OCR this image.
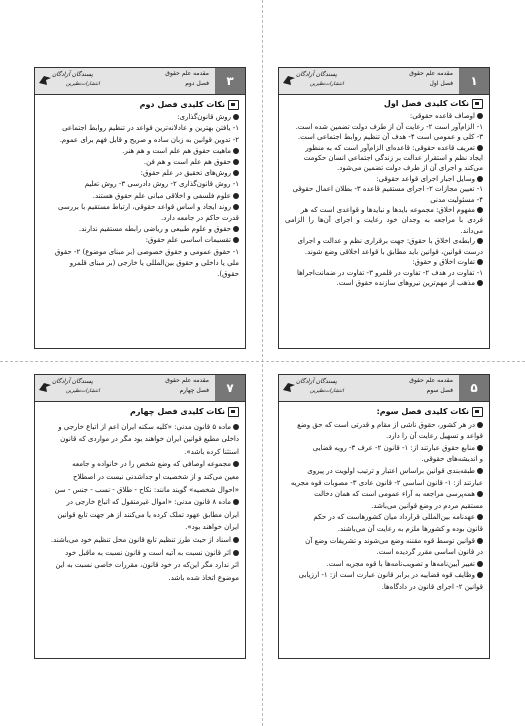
پسندگان آزادگان
انتشارات‌نظیرین
مقدمه علم حقوق
فصل دوم	۳
نکات کلیدی فصل دوم
روش قانون‌گذاری:
۱- یافتن بهترین و عادلانه‌ترین قواعد در تنظیم روابط اجتماعی
۲- تدوین قوانین به زبان ساده و صریح و قابل فهم برای عموم.
ماهیت حقوق هم علم است و هم هنر.
حقوق هم علم است و هم فن.
روش‌های تحقیق در علم حقوق:
۱- روش قانون‌گذاری ۲- روش دادرسی ۳- روش تعلیم
علوم فلسفی و اخلاقی مبانی علم حقوق هستند.
روند ایجاد و اساس قواعد حقوقی، ارتباط مستقیم با بررسی
قدرت حاکم در جامعه دارد.
حقوق و علوم طبیعی و ریاضی رابطه مستقیم ندارند.
تقسیمات اساسی علم حقوق:
۱- حقوق عمومی و حقوق خصوصی (بر مبنای موضوع) ۲- حقوق
ملی یا داخلی و حقوق بین‌المللی یا خارجی (بر مبنای قلمرو
حقوق).
پسندگان آزادگان
انتشارات‌نظیرین
مقدمه علم حقوق
فصل اول	۱
نکات کلیدی فصل اول
اوصاف قاعده حقوقی:
۱- الزام‌آور است ۲- رعایت آن از طرف دولت تضمین شده است.
۳- کلی و عمومی است ۴- هدف آن تنظیم روابط اجتماعی است.
تعریف قاعده حقوقی: قاعده‌ای الزام‌آور است که به منظور
ایجاد نظم و استقرار عدالت بر زندگی اجتماعی انسان حکومت
می‌کند و اجرای آن از طرف دولت تضمین می‌شود.
وسایل اجبار اجرای قواعد حقوقی:
۱- تعیین مجازات ۲- اجرای مستقیم قاعده ۳- بطلان اعمال حقوقی
۴- مسئولیت مدنی
مفهوم اخلاق: مجموعه بایدها و نبایدها و قواعدی است که هر
فردی با مراجعه به وجدان خود رعایت و اجرای آن‌ها را الزامی می‌داند.
رابطه‌ی اخلاق با حقوق: جهت برقراری نظم و عدالت و اجرای
درست قوانین، قوانین باید مطابق با قواعد اخلاقی وضع شوند.
تفاوت اخلاق و حقوق:
۱- تفاوت در هدف ۲- تفاوت در قلمرو ۳- تفاوت در ضمانت‌اجراها
مذهب از مهم‌ترین نیروهای سازنده حقوق است.
پسندگان آزادگان
انتشارات‌نظیرین
مقدمه علم حقوق
فصل چهارم	۷
نکات کلیدی فصل چهارم
ماده ۵ قانون مدنی: «کلیه سکنه ایران اعم از اتباع خارجی و
داخلی مطیع قوانین ایران خواهند بود مگر در مواردی که قانون
استثنا کرده باشد».
مجموعه اوصافی که وضع شخص را در خانواده و جامعه
معین می‌کند و از شخصیت او جداشدنی نیست در اصطلاح
«احوال شخصیه» گویند مانند: نکاح - طلاق - نسب - جنس - سن
ماده ۸ قانون مدنی: «اموال غیرمنقول که اتباع خارجی در
ایران مطابق عهود تملک کرده یا می‌کنند از هر جهت تابع قوانین
ایران خواهند بود».
اسناد از حیث طرز تنظیم تابع قانون محل تنظیم خود می‌باشند.
اثر قانون نسبت به آتیه است و قانون نسبت به ماقبل خود
اثر ندارد مگر این‌که در خود قانون، مقررات خاصی نسبت به این
موضوع اتخاذ شده باشد.
پسندگان آزادگان
انتشارات‌نظیرین
مقدمه علم حقوق
فصل سوم	۵
نکات کلیدی فصل سوم:
در هر کشور، حقوق ناشی از مقام و قدرتی است که حق وضع
قواعد و تسهیل رعایت آن را دارد.
منابع حقوق عبارتند از: ۱- قانون ۲- عرف ۳- رویه قضایی
و اندیشه‌های حقوقی.
طبقه‌بندی قوانین براساس اعتبار و ترتیب اولویت در پیروی
عبارتند از: ۱- قانون اساسی ۲- قانون عادی ۳- مصوبات قوه مجریه
همه‌پرسی مراجعه به آراء عمومی است که همان دخالت
مستقیم مردم در وضع قوانین می‌باشد.
عهدنامه بین‌المللی قرارداد میان کشورهاست که در حکم
قانون بوده و کشورها ملزم به رعایت آن می‌باشند.
قوانین توسط قوه مقننه وضع می‌شوند و تشریفات وضع آن
در قانون اساسی مقرر گردیده است.
تغییر آیین‌نامه‌ها و تصویب‌نامه‌ها با قوه مجریه است.
وظایف قوه قضاییه در برابر قانون عبارت است از: ۱- ارزیابی
قوانین ۲- اجرای قانون در دادگاه‌ها.
